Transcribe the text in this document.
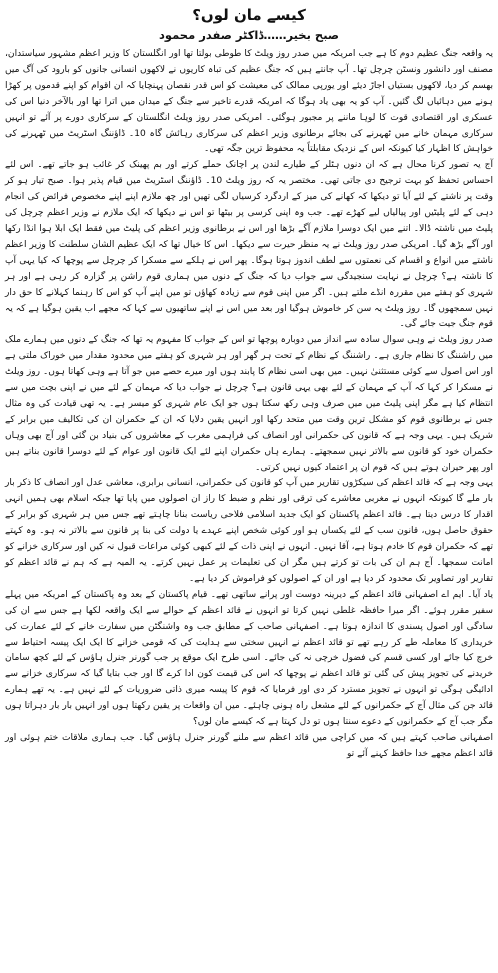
کیسے مان لوں؟
صبح بخیر……ڈاکٹر صفدر محمود

یہ واقعہ جنگ عظیم دوم کا ہے جب امریکہ میں صدر روز ویلٹ کا طوطی بولتا تھا اور انگلستان کا وزیر اعظم مشہور سیاستدان، مصنف اور دانشور ونسٹن چرچل تھا۔ آپ جانتے ہیں کہ جنگ عظیم کی تباہ کاریوں نے لاکھوں انسانی جانوں کو بارود کی آگ میں بھسم کر دیا، لاکھوں بستیاں اجاڑ دیئے اور یورپی ممالک کی معیشت کو اس قدر نقصان پہنچایا کہ ان اقوام کو اپنے قدموں پر کھڑا ہونے میں دہائیاں لگ گئیں۔ آپ کو یہ بھی یاد ہوگا کہ امریکہ قدرے تاخیر سے جنگ کے میدان میں اترا تھا اور بالآخر دنیا اس کی عسکری اور اقتصادی قوت کا لوہا ماننے پر مجبور ہوگئی۔ امریکی صدر روز ویلٹ انگلستان کے سرکاری دورے پر آئے تو انہیں سرکاری مہمان خانے میں ٹھہرنے کی بجائے برطانوی وزیر اعظم کی سرکاری رہائش گاہ 10۔ ڈاؤننگ اسٹریٹ میں ٹھہرنے کی خواہش کا اظہار کیا کیونکہ اس کے نزدیک مقابلتاً یہ محفوظ ترین جگہ تھی۔

آج یہ تصور کرنا محال ہے کہ ان دنوں ہٹلر کے طیارے لندن پر اچانک حملے کرتے اور بم پھینک کر غائب ہو جاتے تھے۔ اس لئے احساس تحفظ کو بہت ترجیح دی جاتی تھی۔ مختصر یہ کہ روز ویلٹ 10۔ ڈاؤننگ اسٹریٹ میں قیام پذیر ہوا۔ صبح تیار ہو کر وقت پر ناشتے کے لئے آیا تو دیکھا کہ کھانے کی میز کے اردگرد کرسیاں لگی تھیں اور چھ ملازم اپنے اپنے مخصوص فرائض کی انجام دہی کے لئے پلیٹیں اور پیالیاں لیے کھڑے تھے۔ جب وہ اپنی کرسی پر بیٹھا تو اس نے دیکھا کہ ایک ملازم نے وزیر اعظم چرچل کی پلیٹ میں ناشتہ ڈالا۔ اتنے میں ایک دوسرا ملازم آگے بڑھا اور اس نے برطانوی وزیر اعظم کی پلیٹ میں فقط ایک ابلا ہوا انڈا رکھا اور آگے بڑھ گیا۔ امریکی صدر روز ویلٹ نے یہ منظر حیرت سے دیکھا۔ اس کا خیال تھا کہ ایک عظیم الشان سلطنت کا وزیر اعظم ناشتے میں انواع و اقسام کی نعمتوں سے لطف اندوز ہوتا ہوگا۔ پھر اس نے ہلکے سے مسکرا کر چرچل سے پوچھا کہ کیا یہی آپ کا ناشتہ ہے؟ چرچل نے نہایت سنجیدگی سے جواب دیا کہ جنگ کے دنوں میں ہماری قوم راشن پر گزارہ کر رہی ہے اور ہر شہری کو ہفتے میں مقررہ انڈے ملتے ہیں۔ اگر میں اپنی قوم سے زیادہ کھاؤں تو میں اپنے آپ کو اس کا رہنما کہلانے کا حق دار نہیں سمجھوں گا۔ روز ویلٹ یہ سن کر خاموش ہوگیا اور بعد میں اس نے اپنے ساتھیوں سے کہا کہ مجھے اب یقین ہوگیا ہے کہ یہ قوم جنگ جیت جائے گی۔

صدر روز ویلٹ نے وہی سوال سادہ سے انداز میں دوبارہ پوچھا تو اس کے جواب کا مفہوم یہ تھا کہ جنگ کے دنوں میں ہمارے ملک میں راشننگ کا نظام جاری ہے۔ راشننگ کے نظام کے تحت ہر گھر اور ہر شہری کو ہفتے میں محدود مقدار میں خوراک ملتی ہے اور اس اصول سے کوئی مستثنیٰ نہیں۔ میں بھی اسی نظام کا پابند ہوں اور میرے حصے میں جو آتا ہے وہی کھاتا ہوں۔ روز ویلٹ نے مسکرا کر کہا کہ آپ کے مہمان کے لئے بھی یہی قانون ہے؟ چرچل نے جواب دیا کہ مہمان کے لئے میں نے اپنی بچت میں سے انتظام کیا ہے مگر اپنی پلیٹ میں میں صرف وہی رکھ سکتا ہوں جو ایک عام شہری کو میسر ہے۔ یہ تھی قیادت کی وہ مثال جس نے برطانوی قوم کو مشکل ترین وقت میں متحد رکھا اور انہیں یقین دلایا کہ ان کے حکمران ان کی تکالیف میں برابر کے شریک ہیں۔ یہی وجہ ہے کہ قانون کی حکمرانی اور انصاف کی فراہمی مغرب کے معاشروں کی بنیاد بن گئی اور آج بھی وہاں حکمران خود کو قانون سے بالاتر نہیں سمجھتے۔ ہمارے ہاں حکمران اپنے لئے ایک قانون اور عوام کے لئے دوسرا قانون بناتے ہیں اور پھر حیران ہوتے ہیں کہ قوم ان پر اعتماد کیوں نہیں کرتی۔

یہی وجہ ہے کہ قائد اعظم کی سیکڑوں تقاریر میں آپ کو قانون کی حکمرانی، انسانی برابری، معاشی عدل اور انصاف کا ذکر بار بار ملے گا کیونکہ انہوں نے مغربی معاشرے کی ترقی اور نظم و ضبط کا راز ان اصولوں میں پایا تھا جبکہ اسلام بھی ہمیں انہی اقدار کا درس دیتا ہے۔ قائد اعظم پاکستان کو ایک جدید اسلامی فلاحی ریاست بنانا چاہتے تھے جس میں ہر شہری کو برابر کے حقوق حاصل ہوں، قانون سب کے لئے یکساں ہو اور کوئی شخص اپنے عہدے یا دولت کی بنا پر قانون سے بالاتر نہ ہو۔ وہ کہتے تھے کہ حکمران قوم کا خادم ہوتا ہے، آقا نہیں۔ انہوں نے اپنی ذات کے لئے کبھی کوئی مراعات قبول نہ کیں اور سرکاری خزانے کو امانت سمجھا۔ آج ہم ان کی بات تو کرتے ہیں مگر ان کی تعلیمات پر عمل نہیں کرتے۔ یہ المیہ ہے کہ ہم نے قائد اعظم کو تقاریر اور تصاویر تک محدود کر دیا ہے اور ان کے اصولوں کو فراموش کر دیا ہے۔

یاد آیا۔ ایم اے اصفہانی قائد اعظم کے دیرینہ دوست اور پرانے ساتھی تھے۔ قیام پاکستان کے بعد وہ پاکستان کے امریکہ میں پہلے سفیر مقرر ہوئے۔ اگر میرا حافظہ غلطی نہیں کرتا تو انہوں نے قائد اعظم کے حوالے سے ایک واقعہ لکھا ہے جس سے ان کی سادگی اور اصول پسندی کا اندازہ ہوتا ہے۔ اصفہانی صاحب کے مطابق جب وہ واشنگٹن میں سفارت خانے کے لئے عمارت کی خریداری کا معاملہ طے کر رہے تھے تو قائد اعظم نے انہیں سختی سے ہدایت کی کہ قومی خزانے کا ایک ایک پیسہ احتیاط سے خرچ کیا جائے اور کسی قسم کی فضول خرچی نہ کی جائے۔ اسی طرح ایک موقع پر جب گورنر جنرل ہاؤس کے لئے کچھ سامان خریدنے کی تجویز پیش کی گئی تو قائد اعظم نے پوچھا کہ اس کی قیمت کون ادا کرے گا اور جب بتایا گیا کہ سرکاری خزانے سے ادائیگی ہوگی تو انہوں نے تجویز مسترد کر دی اور فرمایا کہ قوم کا پیسہ میری ذاتی ضروریات کے لئے نہیں ہے۔ یہ تھے ہمارے قائد جن کی مثال آج کے حکمرانوں کے لئے مشعل راہ ہونی چاہئے۔ میں ان واقعات پر یقین رکھتا ہوں اور انہیں بار بار دہراتا ہوں مگر جب آج کے حکمرانوں کے دعوے سنتا ہوں تو دل کہتا ہے کہ کیسے مان لوں؟

اصفہانی صاحب کہتے ہیں کہ میں کراچی میں قائد اعظم سے ملنے گورنر جنرل ہاؤس گیا۔ جب ہماری ملاقات ختم ہوئی اور قائد اعظم مجھے خدا حافظ کہنے آئے تو
